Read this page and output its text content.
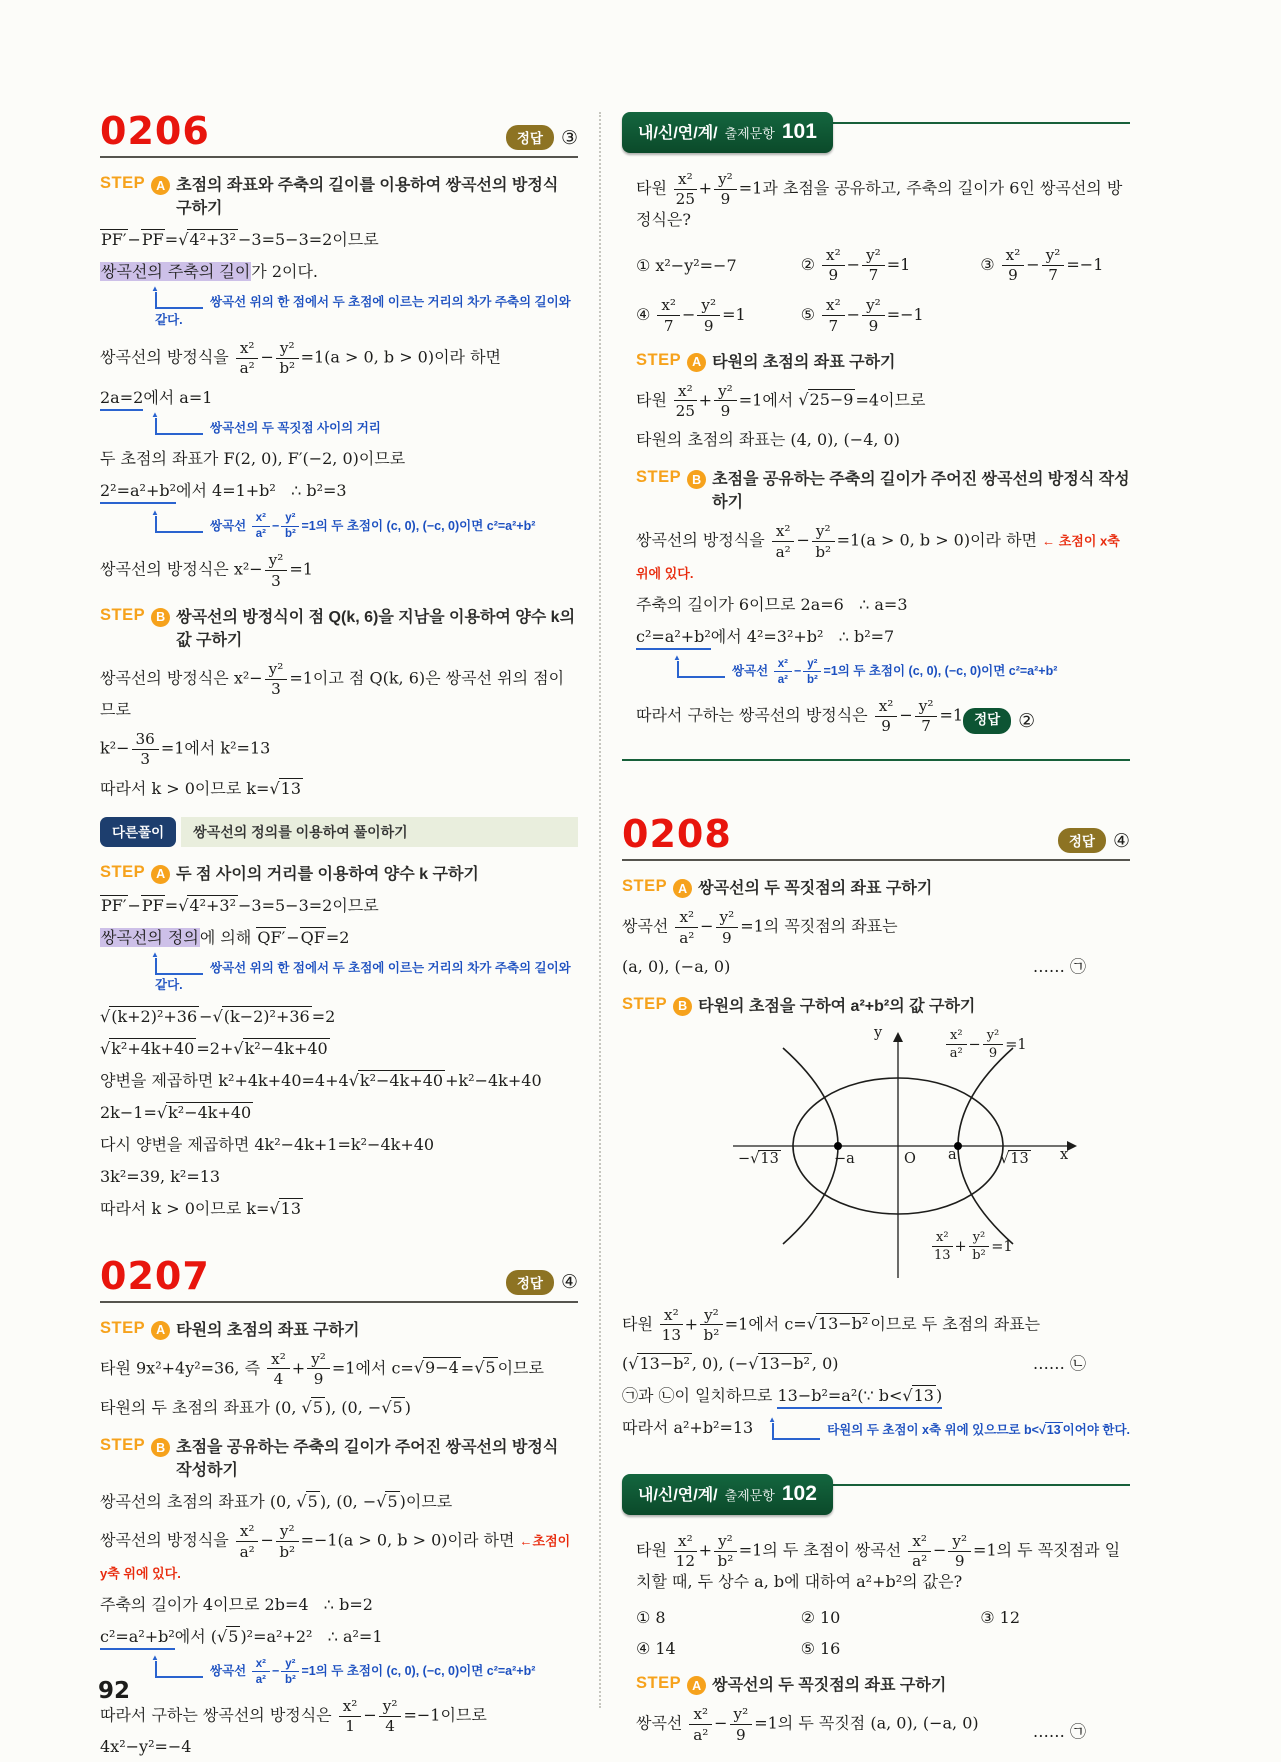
0206	정답 ③
STEP A 초점의 좌표와 주축의 길이를 이용하여 쌍곡선의 방정식 구하기
PF′−PF=√4²+3² −3=5−3=2이므로
쌍곡선의 주축의 길이가 2이다.
▲
쌍곡선 위의 한 점에서 두 초점에 이르는 거리의 차가 주축의 길이와 같다.
쌍곡선의 방정식을 $\frac{\text{x²}}{\text{a²}} - \frac{\text{y²}}{\text{b²}} =1(a > 0$, b > 0)이라 하면
2a=2에서 a=1
▲
쌍곡선의 두 꼭짓점 사이의 거리
두 초점의 좌표가 F(2, 0), F′(−2, 0)이므로
2²=a²+b²에서 4=1+b²   ∴ b²=3
▲
쌍곡선 $\frac{\text{x²}}{\text{a²}} - \frac{\text{y²}}{\text{b²}} =1$의 두 초점이 (c, 0), (−c, 0)이면 c²=a²+b²
쌍곡선의 방정식은 $x^2- \frac{\text{y²}}{3} =1$
STEP B 쌍곡선의 방정식이 점 Q(k, 6)을 지남을 이용하여 양수 k의 값 구하기
쌍곡선의 방정식은 $x^2- \frac{\text{y²}}{3} =1$이고 점 Q(k, 6)은 쌍곡선 위의 점이므로
$k^2- \frac{36}{3} =1$에서 k²=13
따라서 k > 0이므로 k=√13
다른풀이	쌍곡선의 정의를 이용하여 풀이하기
STEP A 두 점 사이의 거리를 이용하여 양수 k 구하기
PF′−PF=√4²+3² −3=5−3=2이므로
쌍곡선의 정의에 의해 QF′−QF=2
▲
쌍곡선 위의 한 점에서 두 초점에 이르는 거리의 차가 주축의 길이와 같다.
√(k+2)²+36 −√(k−2)²+36 =2
√k²+4k+40 =2+√k²−4k+40
양변을 제곱하면 k²+4k+40=4+4√k²−4k+40 +k²−4k+40
2k−1=√k²−4k+40
다시 양변을 제곱하면 4k²−4k+1=k²−4k+40
3k²=39, k²=13
따라서 k > 0이므로 k=√13
0207	정답 ④
STEP A 타원의 초점의 좌표 구하기
타원 9x²+4y²=36, 즉 $\frac{\text{x²}}{4} + \frac{\text{y²}}{9} =1$에서 c=√9−4 =√5 이므로
타원의 두 초점의 좌표가 (0, √5 ), (0, −√5 )
STEP B 초점을 공유하는 주축의 길이가 주어진 쌍곡선의 방정식 작성하기
쌍곡선의 초점의 좌표가 (0, √5 ), (0, −√5 )이므로
쌍곡선의 방정식을 $\frac{\text{x²}}{\text{a²}} - \frac{\text{y²}}{\text{b²}} =-1(a > 0$, b > 0)이라 하면 ←초점이 y축 위에 있다.
주축의 길이가 4이므로 2b=4   ∴ b=2
c²=a²+b²에서 (√5 )²=a²+2²   ∴ a²=1
▲
쌍곡선 $\frac{\text{x²}}{\text{a²}} - \frac{\text{y²}}{\text{b²}} =1$의 두 초점이 (c, 0), (−c, 0)이면 c²=a²+b²
따라서 구하는 쌍곡선의 방정식은 $\frac{\text{x²}}{1} - \frac{\text{y²}}{4} =-1$이므로 4x²−y²=−4
내/신/연/계/ 출제문항 101
타원 $\frac{\text{x²}}{25} + \frac{\text{y²}}{9} =1$과 초점을 공유하고, 주축의 길이가 6인 쌍곡선의 방정식은?
① x²−y²=−7	② $\frac{\text{x²}}{9} - \frac{\text{y²}}{7} =1$	③ $\frac{\text{x²}}{9} - \frac{\text{y²}}{7} =-1$
④ $\frac{\text{x²}}{7} - \frac{\text{y²}}{9} =1$	⑤ $\frac{\text{x²}}{7} - \frac{\text{y²}}{9} =-1$
STEP A 타원의 초점의 좌표 구하기
타원 $\frac{\text{x²}}{25} + \frac{\text{y²}}{9} =1$에서 √25−9 =4이므로
타원의 초점의 좌표는 (4, 0), (−4, 0)
STEP B 초점을 공유하는 주축의 길이가 주어진 쌍곡선의 방정식 작성하기
쌍곡선의 방정식을 $\frac{\text{x²}}{\text{a²}} - \frac{\text{y²}}{\text{b²}} =1(a > 0$, b > 0)이라 하면 ← 초점이 x축 위에 있다.
주축의 길이가 6이므로 2a=6   ∴ a=3
c²=a²+b²에서 4²=3²+b²   ∴ b²=7
▲
쌍곡선 $\frac{\text{x²}}{\text{a²}} - \frac{\text{y²}}{\text{b²}} =1$의 두 초점이 (c, 0), (−c, 0)이면 c²=a²+b²
따라서 구하는 쌍곡선의 방정식은 $\frac{\text{x²}}{9} - \frac{\text{y²}}{7} =1$ 정답 ②
0208	정답 ④
STEP A 쌍곡선의 두 꼭짓점의 좌표 구하기
쌍곡선 $\frac{\text{x²}}{\text{a²}} - \frac{\text{y²}}{9} =1$의 꼭짓점의 좌표는
(a, 0), (−a, 0)	…… ㉠
STEP B 타원의 초점을 구하여 a²+b²의 값 구하기
y	$\frac{\text{x²}}{\text{a²}} - \frac{\text{y²}}{9} =1$
x
−√13	−a	O a	√13
$\frac{\text{x²}}{13} + \frac{\text{y²}}{\text{b²}} =1$
타원 $\frac{\text{x²}}{13} + \frac{\text{y²}}{\text{b²}} =1$에서 c=√13−b² 이므로 두 초점의 좌표는
(√13−b² , 0), (−√13−b² , 0)	…… ㉡
㉠과 ㉡이 일치하므로 13−b²=a²(∵ b<√13 )
따라서 a²+b²=13 ▲
타원의 두 초점이 x축 위에 있으므로 b<√13 이어야 한다.
내/신/연/계/ 출제문항 102
타원 $\frac{\text{x²}}{12} + \frac{\text{y²}}{\text{b²}} =1$의 두 초점이 쌍곡선 $\frac{\text{x²}}{\text{a²}} - \frac{\text{y²}}{9} =1$의 두 꼭짓점과 일치할 때, 두 상수 a, b에 대하여 a²+b²의 값은?
① 8	② 10	③ 12
④ 14	⑤ 16
STEP A 쌍곡선의 두 꼭짓점의 좌표 구하기
쌍곡선 $\frac{\text{x²}}{\text{a²}} - \frac{\text{y²}}{9} =1$의 두 꼭짓점 (a, 0), (−a, 0)	…… ㉠
92
